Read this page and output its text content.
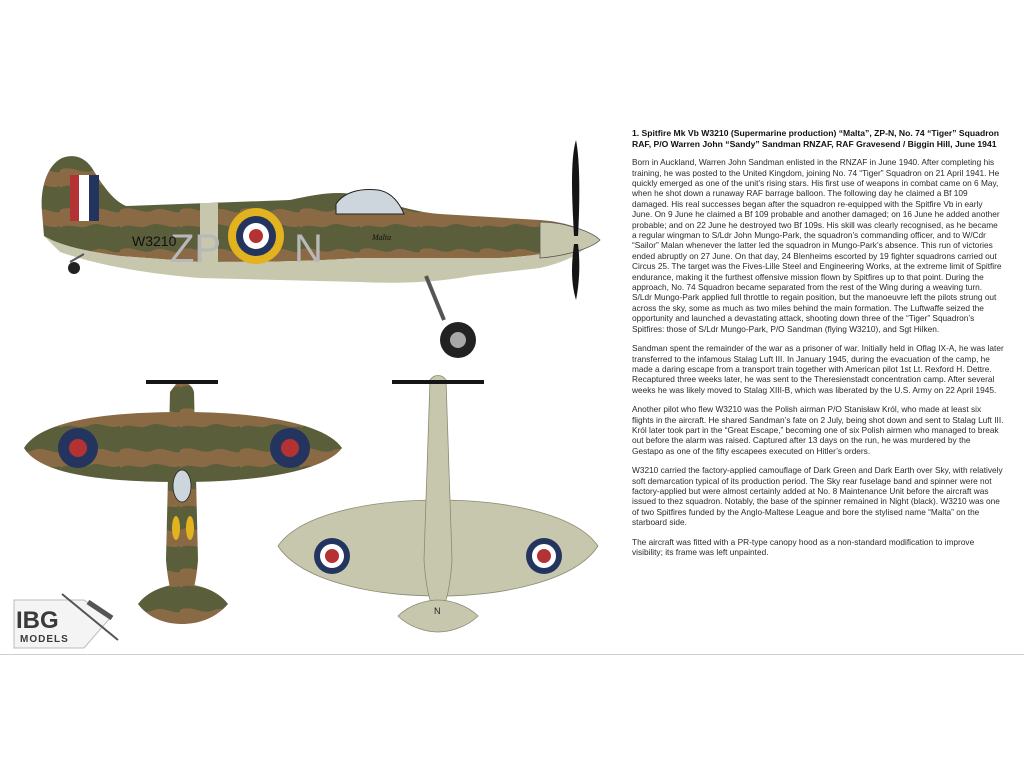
ZP N
W3210	Malta
N
IBG
MODELS
1. Spitfire Mk Vb W3210 (Supermarine production) “Malta”, ZP-N, No. 74 “Tiger” Squadron RAF, P/O Warren John “Sandy” Sandman RNZAF, RAF Gravesend / Biggin Hill, June 1941

Born in Auckland, Warren John Sandman enlisted in the RNZAF in June 1940. After completing his training, he was posted to the United Kingdom, joining No. 74 “Tiger” Squadron on 21 April 1941. He quickly emerged as one of the unit’s rising stars. His first use of weapons in combat came on 6 May, when he shot down a runaway RAF barrage balloon. The following day he claimed a Bf 109 damaged. His real successes began after the squadron re-equipped with the Spitfire Vb in early June. On 9 June he claimed a Bf 109 probable and another damaged; on 16 June he added another probable; and on 22 June he destroyed two Bf 109s. His skill was clearly recognised, as he became a regular wingman to S/Ldr John Mungo-Park, the squadron’s commanding officer, and to W/Cdr “Sailor” Malan whenever the latter led the squadron in Mungo-Park’s absence. This run of victories ended abruptly on 27 June. On that day, 24 Blenheims escorted by 19 fighter squadrons carried out Circus 25. The target was the Fives-Lille Steel and Engineering Works, at the extreme limit of Spitfire endurance, making it the furthest offensive mission flown by Spitfires up to that point. During the approach, No. 74 Squadron became separated from the rest of the Wing during a weaving turn. S/Ldr Mungo-Park applied full throttle to regain position, but the manoeuvre left the pilots strung out across the sky, some as much as two miles behind the main formation. The Luftwaffe seized the opportunity and launched a devastating attack, shooting down three of the “Tiger” Squadron’s Spitfires: those of S/Ldr Mungo-Park, P/O Sandman (flying W3210), and Sgt Hilken.

Sandman spent the remainder of the war as a prisoner of war. Initially held in Oflag IX-A, he was later transferred to the infamous Stalag Luft III. In January 1945, during the evacuation of the camp, he made a daring escape from a transport train together with American pilot 1st Lt. Rexford H. Dettre. Recaptured three weeks later, he was sent to the Theresienstadt concentration camp. After several weeks he was likely moved to Stalag XIII-B, which was liberated by the U.S. Army on 22 April 1945.

Another pilot who flew W3210 was the Polish airman P/O Stanisław Król, who made at least six flights in the aircraft. He shared Sandman’s fate on 2 July, being shot down and sent to Stalag Luft III. Król later took part in the “Great Escape,” becoming one of six Polish airmen who managed to break out before the alarm was raised. Captured after 13 days on the run, he was murdered by the Gestapo as one of the fifty escapees executed on Hitler’s orders.

W3210 carried the factory-applied camouflage of Dark Green and Dark Earth over Sky, with relatively soft demarcation typical of its production period. The Sky rear fuselage band and spinner were not factory-applied but were almost certainly added at No. 8 Maintenance Unit before the aircraft was issued to thez squadron. Notably, the base of the spinner remained in Night (black). W3210 was one of two Spitfires funded by the Anglo-Maltese League and bore the stylised name “Malta” on the starboard side.

The aircraft was fitted with a PR-type canopy hood as a non-standard modification to improve visibility; its frame was left unpainted.
